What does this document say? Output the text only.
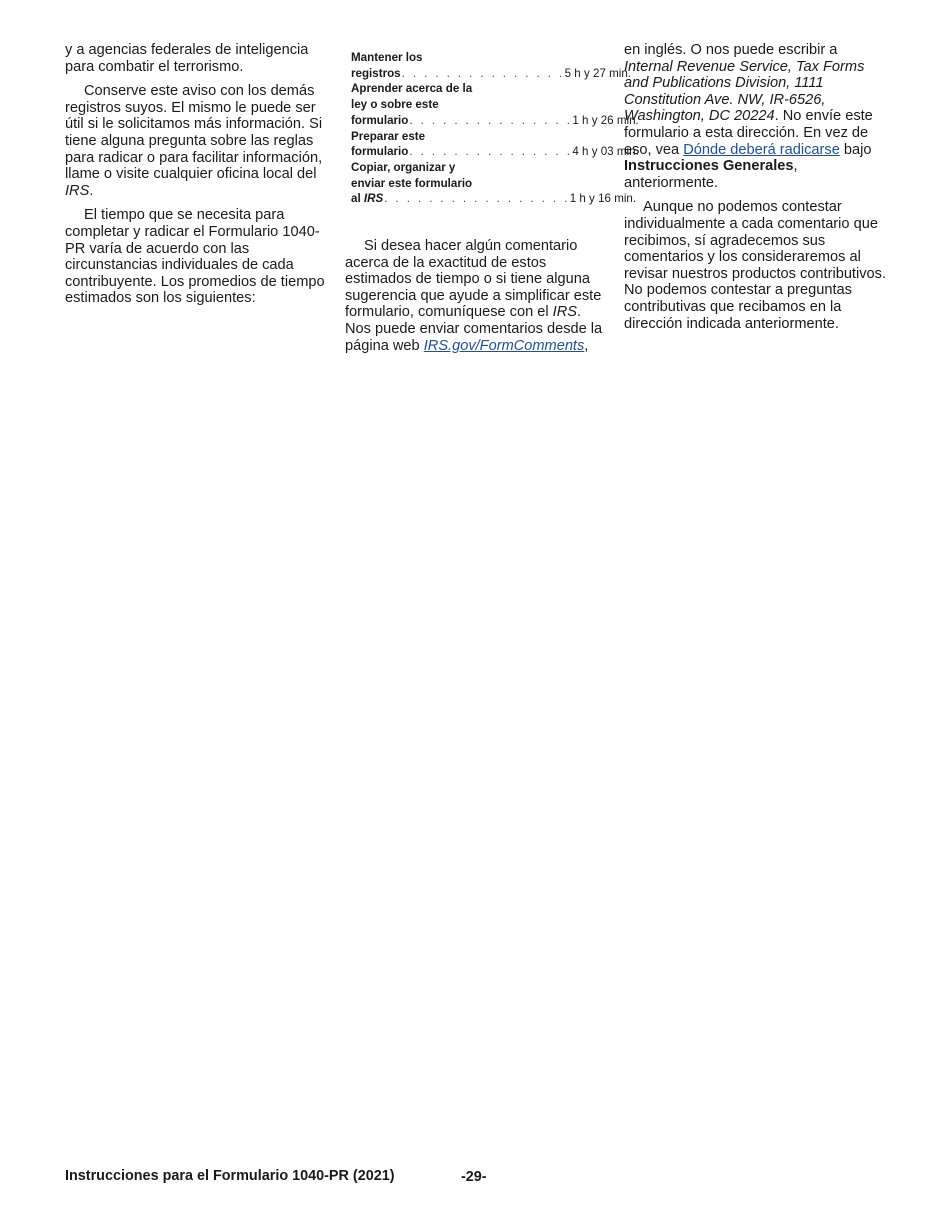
y a agencias federales de inteligencia para combatir el terrorismo.

Conserve este aviso con los demás registros suyos. El mismo le puede ser útil si le solicitamos más información. Si tiene alguna pregunta sobre las reglas para radicar o para facilitar información, llame o visite cualquier oficina local del IRS.

El tiempo que se necesita para completar y radicar el Formulario 1040-PR varía de acuerdo con las circunstancias individuales de cada contribuyente. Los promedios de tiempo estimados son los siguientes:

Mantener los
registros . . . . . . . . . . . . . . . 5 h y 27 min.
Aprender acerca de la
ley o sobre este
formulario . . . . . . . . . . . . . . . 1 h y 26 min.
Preparar este
formulario . . . . . . . . . . . . . . . 4 h y 03 min.
Copiar, organizar y
enviar este formulario
al IRS . . . . . . . . . . . . . . . . . 1 h y 16 min.

Si desea hacer algún comentario acerca de la exactitud de estos estimados de tiempo o si tiene alguna sugerencia que ayude a simplificar este formulario, comuníquese con el IRS. Nos puede enviar comentarios desde la página web IRS.gov/FormComments,

en inglés. O nos puede escribir a Internal Revenue Service, Tax Forms and Publications Division, 1111 Constitution Ave. NW, IR-6526, Washington, DC 20224. No envíe este formulario a esta dirección. En vez de eso, vea Dónde deberá radicarse bajo Instrucciones Generales, anteriormente.

Aunque no podemos contestar individualmente a cada comentario que recibimos, sí agradecemos sus comentarios y los consideraremos al revisar nuestros productos contributivos. No podemos contestar a preguntas contributivas que recibamos en la dirección indicada anteriormente.

Instrucciones para el Formulario 1040-PR (2021)	-29-
